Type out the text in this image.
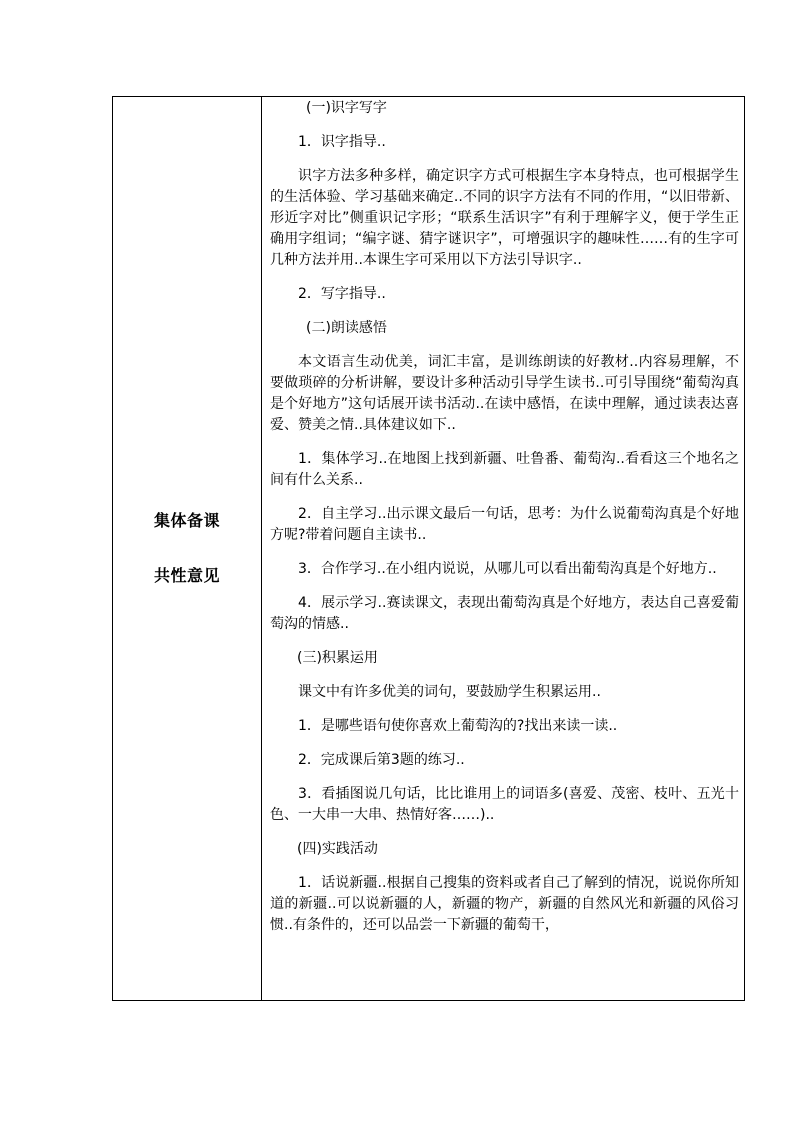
集体备课
共性意见

(一)识字写字

1．识字指导..

识字方法多种多样，确定识字方式可根据生字本身特点，也可根据学生的生活体验、学习基础来确定..不同的识字方法有不同的作用，“以旧带新、形近字对比”侧重识记字形；“联系生活识字”有利于理解字义，便于学生正确用字组词；“编字谜、猜字谜识字”，可增强识字的趣味性……有的生字可几种方法并用..本课生字可采用以下方法引导识字..

2．写字指导..

(二)朗读感悟

本文语言生动优美，词汇丰富，是训练朗读的好教材..内容易理解，不要做琐碎的分析讲解，要设计多种活动引导学生读书..可引导围绕“葡萄沟真是个好地方”这句话展开读书活动..在读中感悟，在读中理解，通过读表达喜爱、赞美之情..具体建议如下..

1．集体学习..在地图上找到新疆、吐鲁番、葡萄沟..看看这三个地名之间有什么关系..

2．自主学习..出示课文最后一句话，思考：为什么说葡萄沟真是个好地方呢?带着问题自主读书..

3．合作学习..在小组内说说，从哪儿可以看出葡萄沟真是个好地方..

4．展示学习..赛读课文，表现出葡萄沟真是个好地方，表达自己喜爱葡萄沟的情感..

(三)积累运用

课文中有许多优美的词句，要鼓励学生积累运用..

1．是哪些语句使你喜欢上葡萄沟的?找出来读一读..

2．完成课后第3题的练习..

3．看插图说几句话，比比谁用上的词语多(喜爱、茂密、枝叶、五光十色、一大串一大串、热情好客……)..

(四)实践活动

1．话说新疆..根据自己搜集的资料或者自己了解到的情况，说说你所知道的新疆..可以说新疆的人，新疆的物产，新疆的自然风光和新疆的风俗习惯..有条件的，还可以品尝一下新疆的葡萄干，
